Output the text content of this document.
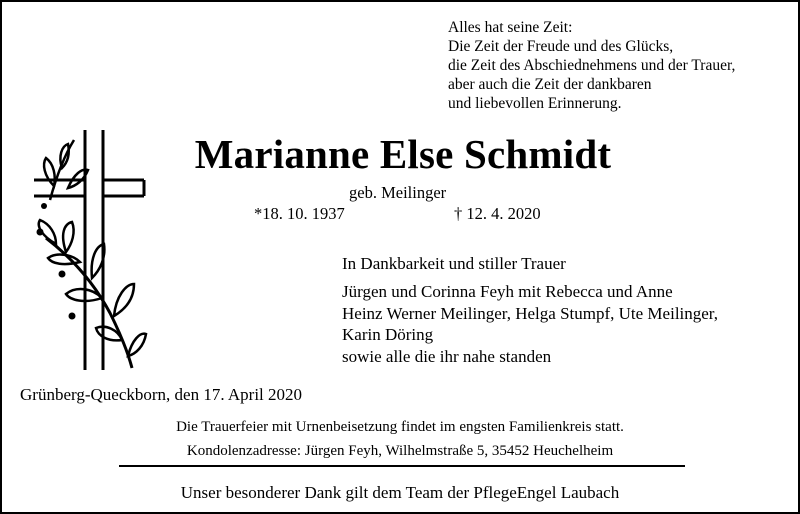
Alles hat seine Zeit:
Die Zeit der Freude und des Glücks,
die Zeit des Abschiednehmens und der Trauer,
aber auch die Zeit der dankbaren
und liebevollen Erinnerung.
Marianne Else Schmidt
geb. Meilinger
*18. 10. 1937	† 12. 4. 2020
In Dankbarkeit und stiller Trauer
Jürgen und Corinna Feyh mit Rebecca und Anne
Heinz Werner Meilinger, Helga Stumpf, Ute Meilinger,
Karin Döring
sowie alle die ihr nahe standen
Grünberg-Queckborn, den 17. April 2020
Die Trauerfeier mit Urnenbeisetzung findet im engsten Familienkreis statt.
Kondolenzadresse: Jürgen Feyh, Wilhelmstraße 5, 35452 Heuchelheim
Unser besonderer Dank gilt dem Team der PflegeEngel Laubach
